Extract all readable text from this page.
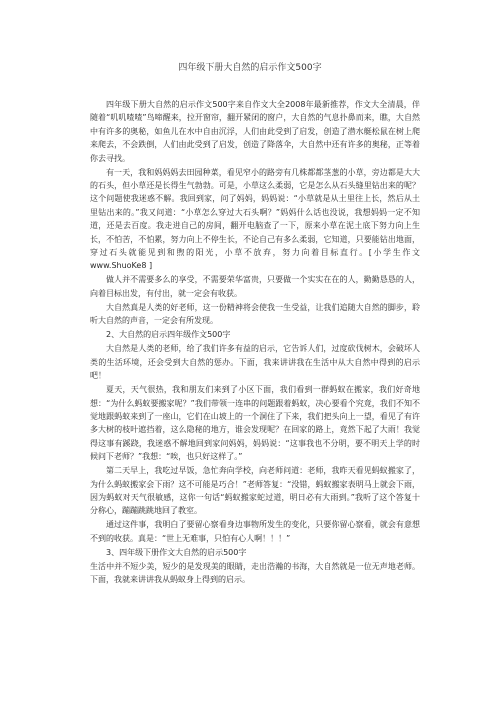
四年级下册大自然的启示作文500字

四年级下册大自然的启示作文500字来自作文大全2008年最新推荐，作文大全清晨，伴随着“叽叽喳喳”鸟啼醒来，拉开窗帘，翻开紧闭的窗户，大自然的气息扑鼻而来，瞧，大自然中有许多的奥秘，如鱼儿在水中自由沉浮，人们由此受到了启发，创造了潜水艇松鼠在树上爬来爬去，不会跌倒，人们由此受到了启发，创造了降落伞，大自然中还有许多的奥秘，正等着你去寻找。

有一天，我和妈妈妈去田园种菜，看见窄小的路旁有几株都都茎葱的小草，旁边都是大大的石头，但小草还是长得生气勃勃。可是，小草这么柔弱，它是怎么从石头缝里钻出来的呢？这个问题使我迷惑不解。我回到家，问了妈妈，妈妈说：“小草就是从土里往上长，然后从土里钻出来的。”我又问道：“小草怎么穿过大石头啊？”妈妈什么话也没说，我想妈妈一定不知道，还是去百度。我走进自己的房间，翻开电脑查了一下，原来小草在泥土底下努力向上生长，不怕苦，不怕累，努力向上不停生长，不论自己有多么柔弱，它知道，只要能钻出地面，穿过石头就能见到和煦的阳光，小草不放弃，努力向着目标直行。[小学生作文 www.ShuoKe8 ]

做人并不需要多么的享受，不需要荣华富贵，只要做一个实实在在的人，勤勤恳恳的人，向着目标出发，有付出，就一定会有收获。

大自然真是人类的好老师，这一份精神将会使我一生受益，让我们追随大自然的脚步，聆听大自然的声音，一定会有所发现。

2、大自然的启示四年级作文500字

大自然是人类的老师，给了我们许多有益的启示，它告诉人们，过度砍伐树木，会破坏人类的生活环境，还会受到大自然的惩办。下面，我来讲讲我在生活中从大自然中得到的启示吧！

夏天，天气很热，我和朋友们来到了小区下面，我们看到一群蚂蚁在搬家，我们好奇地想：“为什么蚂蚁要搬家呢？”我们带领一连串的问题跟着蚂蚁，决心要看个究竟，我们不知不觉地跟蚂蚁来到了一座山，它们在山坡上的一个洞住了下来，我们把头向上一望，看见了有许多大树的枝叶遮挡着，这么隐秘的地方，谁会发现呢？在回家的路上，竟然下起了大雨！我觉得这事有蹊跷，我迷惑不解地回到家问妈妈，妈妈说：“这事我也不分明，要不明天上学的时候问下老师？”我想：“唉，也只好这样了。”

第二天早上，我吃过早饭，急忙奔向学校，向老师问道：老师，我昨天看见蚂蚁搬家了，为什么蚂蚁搬家会下雨？这不可能是巧合！”老师答复：“没错，蚂蚁搬家表明马上就会下雨，因为蚂蚁对天气很敏感，这你一句话“蚂蚁搬家蛇过道，明日必有大雨到。”我听了这个答复十分称心，蹦蹦跳跳地回了教室。

通过这件事，我明白了要留心察看身边事物所发生的变化，只要你留心察看，就会有意想不到的收获。真是：“世上无难事，只怕有心人啊！！！”

3、四年级下册作文大自然的启示500字

生活中并不短少美，短少的是发现美的眼睛，走出浩瀚的书海，大自然就是一位无声地老师。下面，我就来讲讲我从蚂蚁身上得到的启示。
